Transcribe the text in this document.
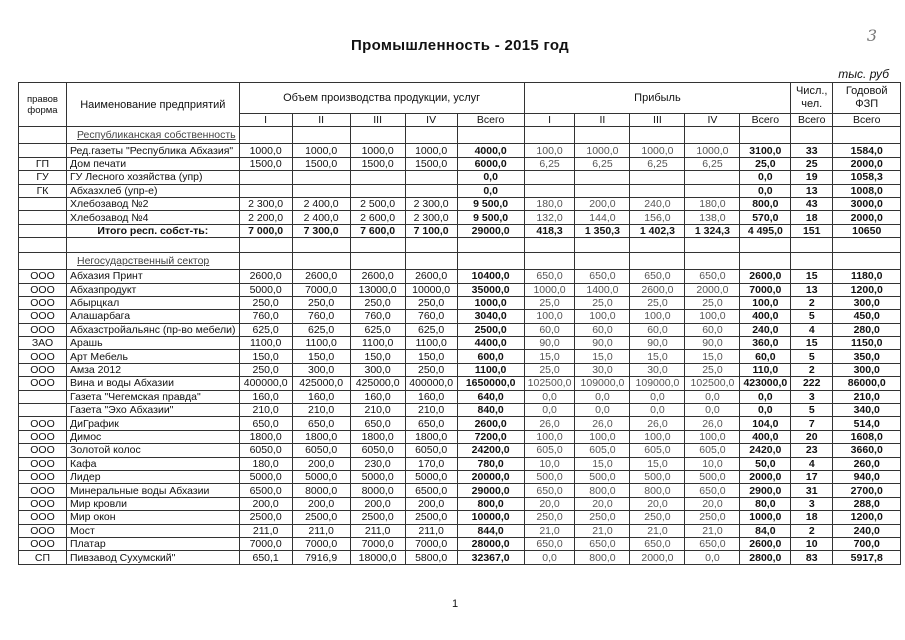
3
Промышленность - 2015 год
тыс. руб
правов форма	Наименование предприятий	Объем производства продукции, услуг					Прибыль					Числ., чел.	Годовой ФЗП
		I	II	III	IV	Всего	I	II	III	IV	Всего	Всего	Всего
	Республиканская собственность												
	Ред.газеты "Республика Абхазия"	1000,0	1000,0	1000,0	1000,0	4000,0	100,0	1000,0	1000,0	1000,0	3100,0	33	1584,0
ГП	Дом печати	1500,0	1500,0	1500,0	1500,0	6000,0	6,25	6,25	6,25	6,25	25,0	25	2000,0
ГУ	ГУ Лесного хозяйства (упр)					0,0					0,0	19	1058,3
ГК	Абхазхлеб (упр-е)					0,0					0,0	13	1008,0
	Хлебозавод №2	2 300,0	2 400,0	2 500,0	2 300,0	9 500,0	180,0	200,0	240,0	180,0	800,0	43	3000,0
	Хлебозавод №4	2 200,0	2 400,0	2 600,0	2 300,0	9 500,0	132,0	144,0	156,0	138,0	570,0	18	2000,0
	Итого респ. собст-ть:	7 000,0	7 300,0	7 600,0	7 100,0	29000,0	418,3	1 350,3	1 402,3	1 324,3	4 495,0	151	10650

	Негосударственный сектор												
ООО	Абхазия Принт	2600,0	2600,0	2600,0	2600,0	10400,0	650,0	650,0	650,0	650,0	2600,0	15	1180,0
ООО	Абхазпродукт	5000,0	7000,0	13000,0	10000,0	35000,0	1000,0	1400,0	2600,0	2000,0	7000,0	13	1200,0
ООО	Абырцкал	250,0	250,0	250,0	250,0	1000,0	25,0	25,0	25,0	25,0	100,0	2	300,0
ООО	Алашарбага	760,0	760,0	760,0	760,0	3040,0	100,0	100,0	100,0	100,0	400,0	5	450,0
ООО	Абхазстройальянс (пр-во мебели)	625,0	625,0	625,0	625,0	2500,0	60,0	60,0	60,0	60,0	240,0	4	280,0
ЗАО	Арашь	1100,0	1100,0	1100,0	1100,0	4400,0	90,0	90,0	90,0	90,0	360,0	15	1150,0
ООО	Арт Мебель	150,0	150,0	150,0	150,0	600,0	15,0	15,0	15,0	15,0	60,0	5	350,0
ООО	Амза 2012	250,0	300,0	300,0	250,0	1100,0	25,0	30,0	30,0	25,0	110,0	2	300,0
ООО	Вина и воды Абхазии	400000,0	425000,0	425000,0	400000,0	1650000,0	102500,0	109000,0	109000,0	102500,0	423000,0	222	86000,0
	Газета "Чегемская правда"	160,0	160,0	160,0	160,0	640,0	0,0	0,0	0,0	0,0	0,0	3	210,0
	Газета "Эхо Абхазии"	210,0	210,0	210,0	210,0	840,0	0,0	0,0	0,0	0,0	0,0	5	340,0
ООО	ДиГрафик	650,0	650,0	650,0	650,0	2600,0	26,0	26,0	26,0	26,0	104,0	7	514,0
ООО	Димос	1800,0	1800,0	1800,0	1800,0	7200,0	100,0	100,0	100,0	100,0	400,0	20	1608,0
ООО	Золотой колос	6050,0	6050,0	6050,0	6050,0	24200,0	605,0	605,0	605,0	605,0	2420,0	23	3660,0
ООО	Кафа	180,0	200,0	230,0	170,0	780,0	10,0	15,0	15,0	10,0	50,0	4	260,0
ООО	Лидер	5000,0	5000,0	5000,0	5000,0	20000,0	500,0	500,0	500,0	500,0	2000,0	17	940,0
ООО	Минеральные воды Абхазии	6500,0	8000,0	8000,0	6500,0	29000,0	650,0	800,0	800,0	650,0	2900,0	31	2700,0
ООО	Мир кровли	200,0	200,0	200,0	200,0	800,0	20,0	20,0	20,0	20,0	80,0	3	288,0
ООО	Мир окон	2500,0	2500,0	2500,0	2500,0	10000,0	250,0	250,0	250,0	250,0	1000,0	18	1200,0
ООО	Мост	211,0	211,0	211,0	211,0	844,0	21,0	21,0	21,0	21,0	84,0	2	240,0
ООО	Платар	7000,0	7000,0	7000,0	7000,0	28000,0	650,0	650,0	650,0	650,0	2600,0	10	700,0
СП	Пивзавод Сухумский"	650,1	7916,9	18000,0	5800,0	32367,0	0,0	800,0	2000,0	0,0	2800,0	83	5917,8
1
